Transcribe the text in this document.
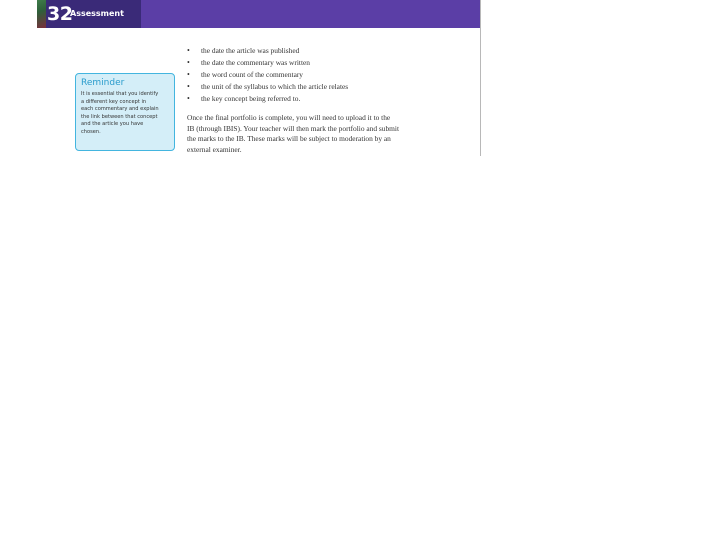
32
Assessment advice
Reminder
It is essential that you identify
a different key concept in
each commentary and explain
the link between that concept
and the article you have
chosen.
• the date the article was published
• the date the commentary was written
• the word count of the commentary
• the unit of the syllabus to which the article relates
• the key concept being referred to.

Once the final portfolio is complete, you will need to upload it to the
IB (through IBIS). Your teacher will then mark the portfolio and submit
the marks to the IB. These marks will be subject to moderation by an
external examiner.
